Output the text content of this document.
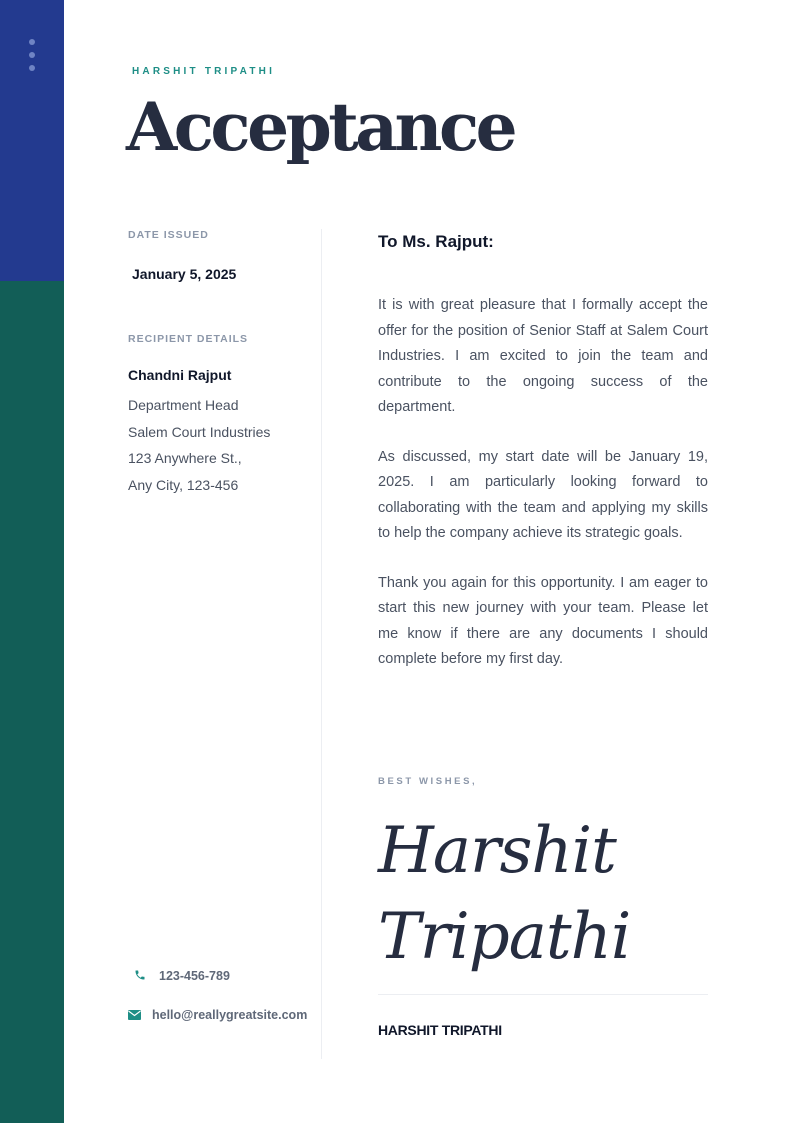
HARSHIT TRIPATHI
Acceptance
DATE ISSUED
January 5, 2025
RECIPIENT DETAILS
Chandni Rajput
Department Head
Salem Court Industries
123 Anywhere St.,
Any City, 123-456
123-456-789
hello@reallygreatsite.com
To Ms. Rajput:

It is with great pleasure that I formally accept the offer for the position of Senior Staff at Salem Court Industries. I am excited to join the team and contribute to the ongoing success of the department.

As discussed, my start date will be January 19, 2025. I am particularly looking forward to collaborating with the team and applying my skills to help the company achieve its strategic goals.

Thank you again for this opportunity. I am eager to start this new journey with your team. Please let me know if there are any documents I should complete before my first day.

BEST WISHES,
Harshit
Tripathi
HARSHIT TRIPATHI
